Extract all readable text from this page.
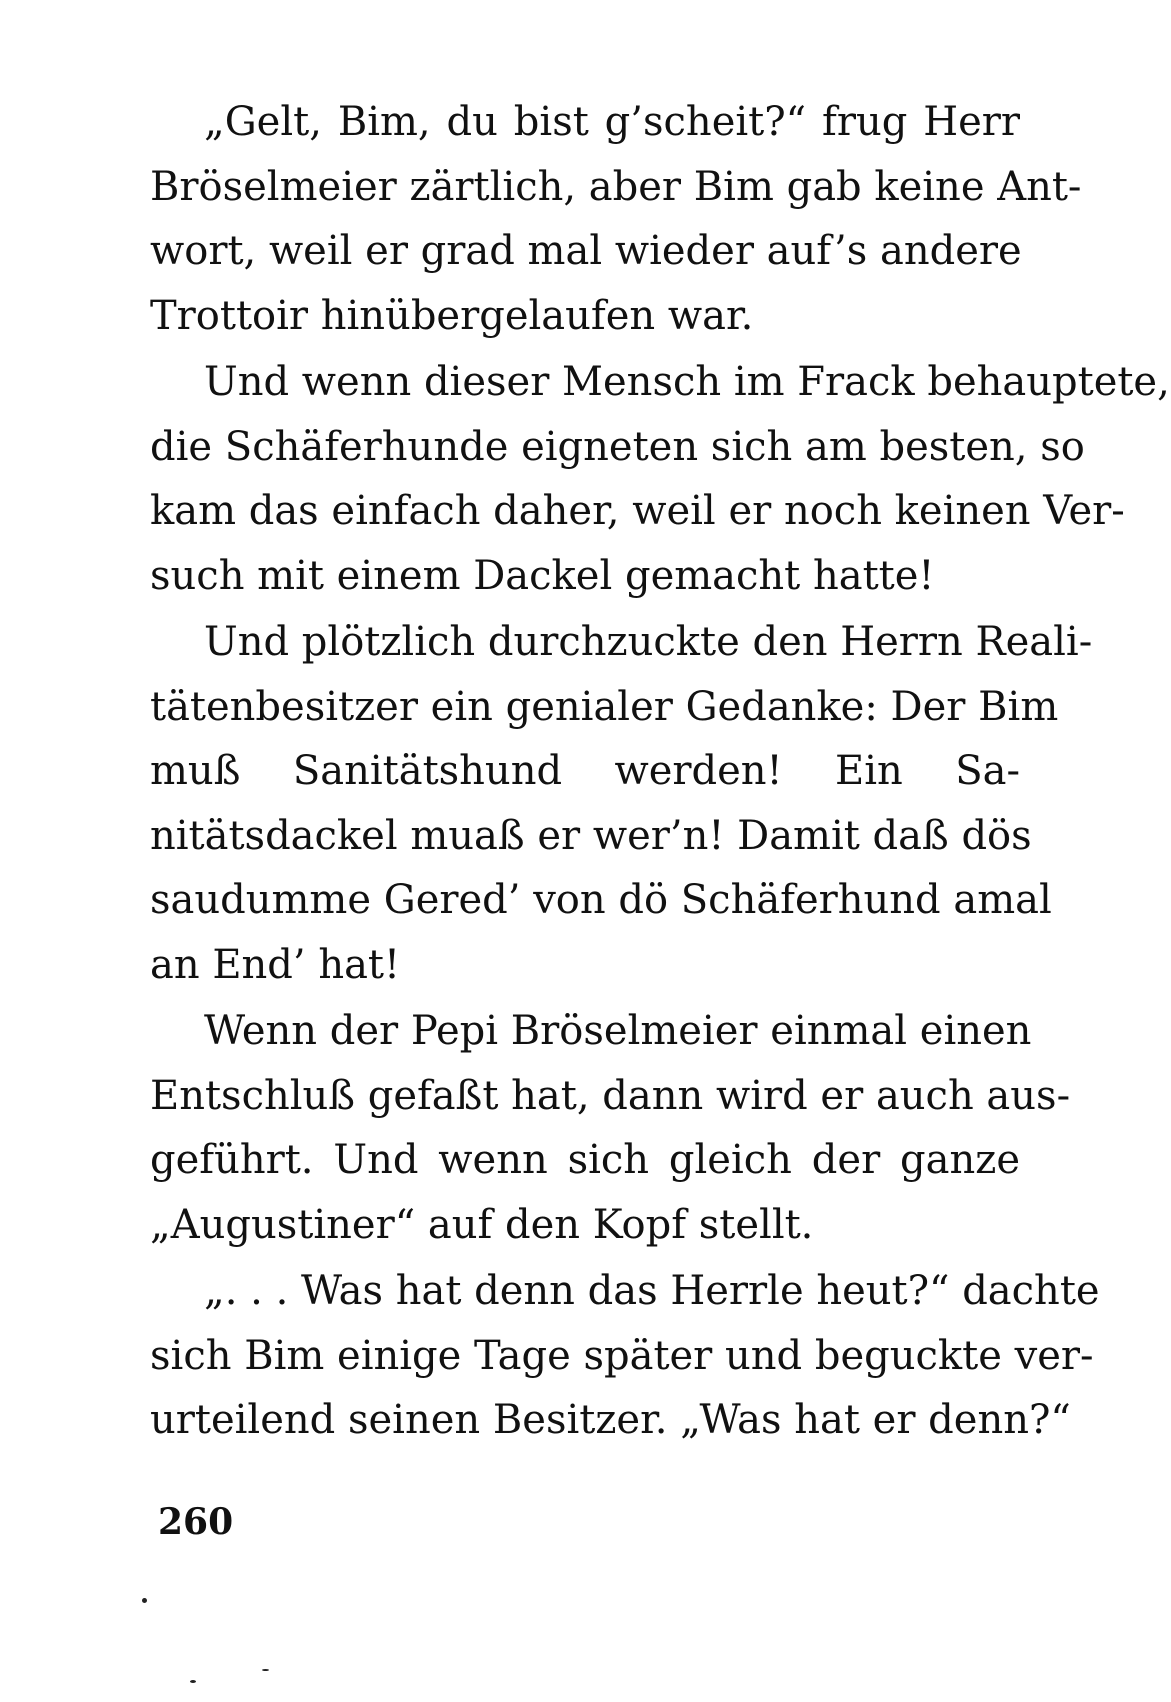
„Gelt, Bim, du bist g’scheit?“ frug Herr
Bröselmeier zärtlich, aber Bim gab keine Ant-
wort, weil er grad mal wieder auf’s andere
Trottoir hinübergelaufen war.
Und wenn dieser Mensch im Frack behauptete,
die Schäferhunde eigneten sich am besten, so
kam das einfach daher, weil er noch keinen Ver-
such mit einem Dackel gemacht hatte!
Und plötzlich durchzuckte den Herrn Reali-
tätenbesitzer ein genialer Gedanke: Der Bim
muß Sanitätshund werden! Ein Sa-
nitätsdackel muaß er wer’n! Damit daß dös
saudumme Gered’ von dö Schäferhund amal
an End’ hat!
Wenn der Pepi Bröselmeier einmal einen
Entschluß gefaßt hat, dann wird er auch aus-
geführt. Und wenn sich gleich der ganze
„Augustiner“ auf den Kopf stellt.
„. . . Was hat denn das Herrle heut?“ dachte
sich Bim einige Tage später und beguckte ver-
urteilend seinen Besitzer. „Was hat er denn?“
260
